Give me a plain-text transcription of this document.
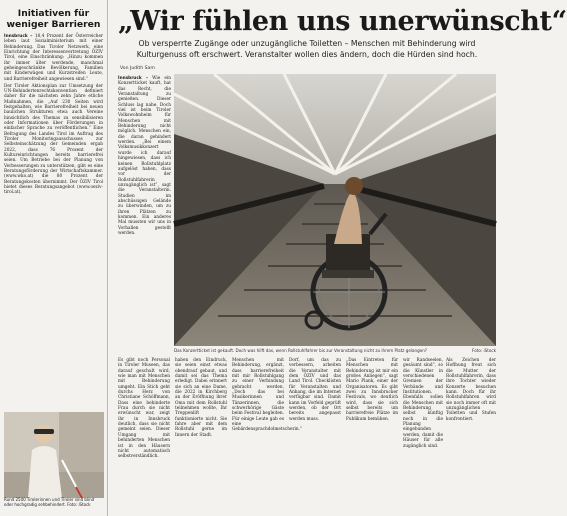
Initiativen für weniger Barrieren

Innsbruck – 18,4 Prozent der Österreicher leben laut Sozialministerium mit einer Behinderung. Das Tiroler Netzwerk, eine Einrichtung der Interessenvertretung ÖZIV Tirol, eine Einschränkung: „Hinzu kommen ihr immer älter werdende, manchmal geheingeschränkte Bevölkerung, Familien mit Kinderwägen und Kurzstreifen Leute, und Barrierefreiheit angewiesen sind.“

Der Tiroler Aktionsplan zur Umsetzung der UN-Behindertenrechtskonvention definiert daher für die nächsten zehn Jahre etliche Maßnahmen, die „Auf 230 Seiten wird festgehalten, wie Barrierefreiheit bei neuen baulichen Strukturen etwa auch Vereine hinsichtlich des Themas zu sensibilisieren oder Informationen über Förderungen in einfacher Sprache zu veröffentlichen.“ Eine Befragung des Landes Tirol im Auftrag des Tiroler Monitoringausschusses zur Selbsteinschätzung der Gemeinden ergab 2022, dass 76 Prozent der Kultureinrichtungen bereits barrierefrei seien. Um Betriebe bei der Planung von Verbesserungen zu unterstützen, gibt es eine Beratungsförderung der Wirtschaftskammer. (www.wko.at) die 80 Prozent der Beratungskosten übernimmt. Der ÖZIV Tirol bietet dieses Beratungsangebot (www.oeziv-tirol.at).

Rund 2500 Tirolerinnen und Tiroler sind blind oder hochgradig sehbehindert. Foto: iStock
„Wir fühlen uns unerwünscht“

Ob versperrte Zugänge oder unzugängliche Toiletten – Menschen mit Behinderung wird Kulturgenuss oft erschwert. Veranstalter wollen dies ändern, doch die Hürden sind hoch.

Von Judith Sam

Innsbruck – Wie ein Konzertticket kauft, hat das Recht, die Veranstaltung zu genießen. Dieser Schluss lag nahe. Doch viel ist beim Tiroler Volkswohnheim für Menschen mit Behinderung nicht möglich. Menschen ein, die daran gehindert werden. „Bei einem Volksmusikkonzert wurde ich darauf hingewiesen, dass ich keinen Rollstuhlplatz aufgelöst haben, dass vor der Rollstuhlfahrerin unzugänglich ist“, sagt die Veranstalterin. Studien im abschüssigen Gelände zu überwinden, um zu ihren Plätzen zu kommen. Ein anderes Mal mussten wir uns in Vorhallen gestellt werden.

Das Konzertticket ist gekauft. Doch was hilft das, wenn Rollstuhlfahrer bis zur Veranstaltung nicht zu ihrem Platz gelangen?	Foto: iStock
Es gibt noch Personal in Tiroler Museen, das darauf geschult wird, wie man mit Menschen mit Behinderung umgeht. Ein Stich geht durchs Herz von Christiane Schöffmann, Dass eine behinderte Frau durch sie nicht erwünscht war, zeigt ihr in Innsbruck deutlich, dass sie nicht gemeint seien. Dieser Umgang mit behinderten Menschen ist in den Häusern nicht automatisch selbstverständlich.
haben den Eindruck, sie seien einst etwas obendrauf gebaut, und damit sei das Thema erledigt. Dabei erinnert sie sich an eine Dame, die 2022 in Kirchberg an der Eröffnung ihrer Oma mit dem Rollstuhl teilnehmen wollte, Ihr Treppenlift funktionierte nicht. Sie fahre aber mit dem Rollstuhl gerne im Innern der Stadt.
Menschen mit Behinderung, ergänzt, dass barrierefreiheit mit mir Rollstuhlgang zu einer Verbindung gebracht werden. „Doch das bei Musikerinnen und Tänzerinnen, die schwerhörige Gäste beim Festival begleiten. Für einige Leute gab es eine Gebärdensprachdolmetscherin.“
Dorf, um das zu verbessern, arbeiten die Veranstalter mit dem ÖZIV und das Land Tirol. Checklisten für Veranstalten und Anhang, die im Internet verfügbar sind. Damit kann im Vorfeld geprüft werden, ob der Ort bereits angepasst werden muss.
„Das Eintreten für Menschen mit Behinderung ist mir ein großes Anliegen“, sagt Mario Plank, einer der Organisatoren. Es gibt zwei zu Innsbrucker Festivals, wo deutlich wird, dass sie sich selbst bereits um barrierefreie Plätze im Publikum bemühen.
wir Randseelen, gesäumt sind“, so die Künstler in verschiedenen Gremien der Verbände und Institutionen. Ebenfalls sollen die Menschen mit Behinderung selbst künftig noch in die Planung eingebunden werden, damit die Häuser für alle zugänglich sind.
Als Zeichen der Hoffnung freut sich die Mutter der Rollstuhlfahrerin, dass ihre Tochter wieder Konzerte besuchen kann. Doch für ihr Rollstuhlfahren wird sie noch immer oft mit unzugänglichen Toiletten und Stufen konfrontiert.
